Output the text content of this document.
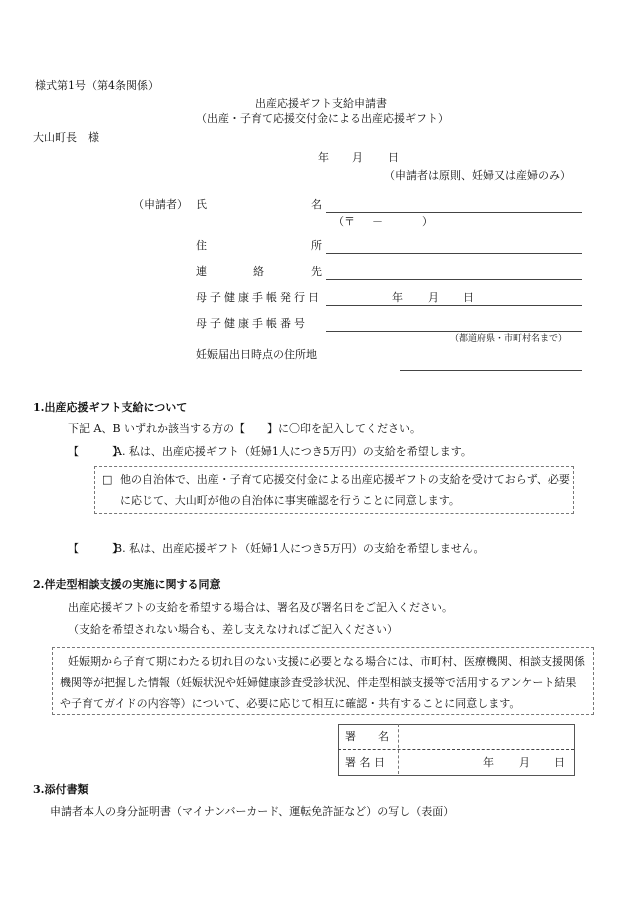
様式第1号（第4条関係）
出産応援ギフト支給申請書
（出産・子育て応援交付金による出産応援ギフト）
大山町長　様
年 月 日
（申請者は原則、妊婦又は産婦のみ）
（申請者） 氏	名
（〒 －	）
住	所
連	絡	先
母子健康手帳発行日	年 月 日
母子健康手帳番号
（都道府県・市町村名まで）
妊娠届出日時点の住所地
1.出産応援ギフト支給について
下記 A、B いずれか該当する方の【　　】に〇印を記入してください。
【　　　】
A. 私は、出産応援ギフト（妊婦1人につき5万円）の支給を希望します。
□ 他の自治体で、出産・子育て応援交付金による出産応援ギフトの支給を受けておらず、必要
に応じて、大山町が他の自治体に事実確認を行うことに同意します。
【　　　】
B. 私は、出産応援ギフト（妊婦1人につき5万円）の支給を希望しません。
2.伴走型相談支援の実施に関する同意
出産応援ギフトの支給を希望する場合は、署名及び署名日をご記入ください。
（支給を希望されない場合も、差し支えなければご記入ください）
妊娠期から子育て期にわたる切れ目のない支援に必要となる場合には、市町村、医療機関、相談支援関係
機関等が把握した情報（妊娠状況や妊婦健康診査受診状況、伴走型相談支援等で活用するアンケート結果
や子育てガイドの内容等）について、必要に応じて相互に確認・共有することに同意します。
署　　名
署 名 日	年 月 日
3.添付書類
申請者本人の身分証明書（マイナンバーカード、運転免許証など）の写し（表面）
